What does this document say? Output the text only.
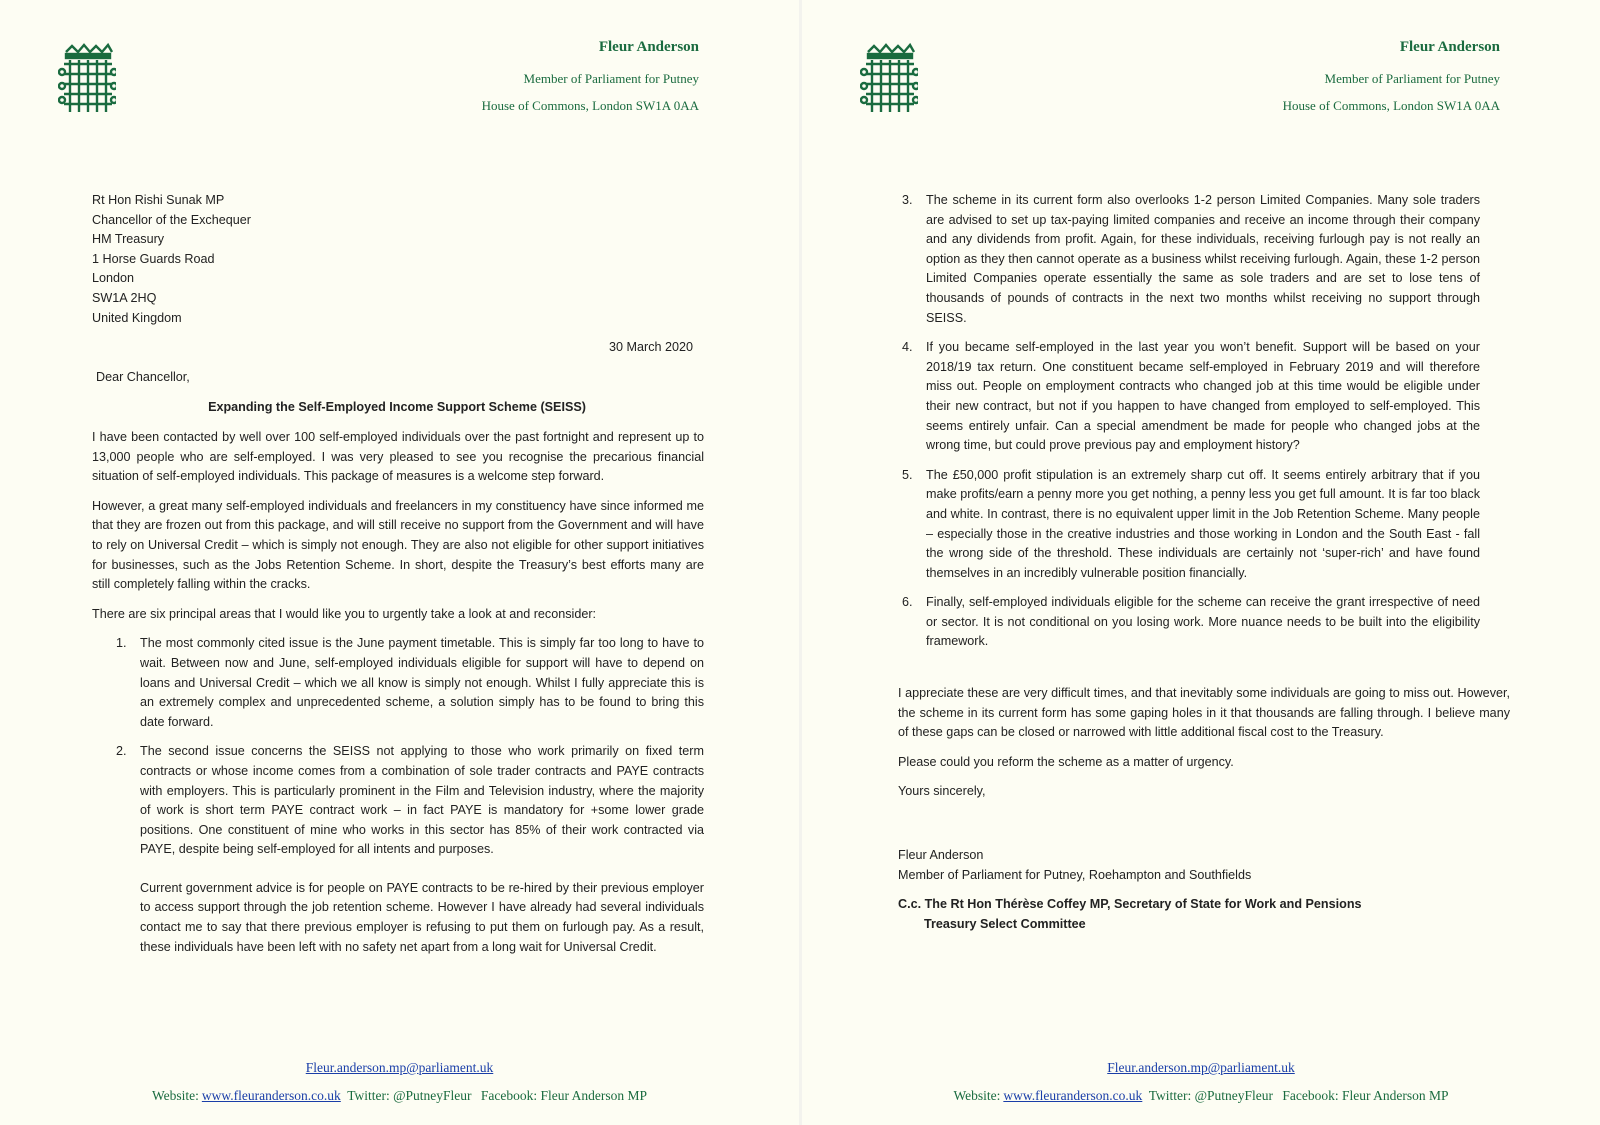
Fleur Anderson
Member of Parliament for Putney
House of Commons, London SW1A 0AA
Rt Hon Rishi Sunak MP
Chancellor of the Exchequer
HM Treasury
1 Horse Guards Road
London
SW1A 2HQ
United Kingdom
30 March 2020
Dear Chancellor,
Expanding the Self-Employed Income Support Scheme (SEISS)

I have been contacted by well over 100 self-employed individuals over the past fortnight and represent up to 13,000 people who are self-employed. I was very pleased to see you recognise the precarious financial situation of self-employed individuals. This package of measures is a welcome step forward.

However, a great many self-employed individuals and freelancers in my constituency have since informed me that they are frozen out from this package, and will still receive no support from the Government and will have to rely on Universal Credit – which is simply not enough. They are also not eligible for other support initiatives for businesses, such as the Jobs Retention Scheme. In short, despite the Treasury’s best efforts many are still completely falling within the cracks.

There are six principal areas that I would like you to urgently take a look at and reconsider:

1. The most commonly cited issue is the June payment timetable. This is simply far too long to have to wait. Between now and June, self-employed individuals eligible for support will have to depend on loans and Universal Credit – which we all know is simply not enough. Whilst I fully appreciate this is an extremely complex and unprecedented scheme, a solution simply has to be found to bring this date forward.
2. The second issue concerns the SEISS not applying to those who work primarily on fixed term contracts or whose income comes from a combination of sole trader contracts and PAYE contracts with employers. This is particularly prominent in the Film and Television industry, where the majority of work is short term PAYE contract work – in fact PAYE is mandatory for +some lower grade positions. One constituent of mine who works in this sector has 85% of their work contracted via PAYE, despite being self-employed for all intents and purposes.
Current government advice is for people on PAYE contracts to be re-hired by their previous employer to access support through the job retention scheme. However I have already had several individuals contact me to say that there previous employer is refusing to put them on furlough pay. As a result, these individuals have been left with no safety net apart from a long wait for Universal Credit.
Fleur.anderson.mp@parliament.uk
Website: www.fleuranderson.co.uk Twitter: @PutneyFleur Facebook: Fleur Anderson MP
Fleur Anderson
Member of Parliament for Putney
House of Commons, London SW1A 0AA
3. The scheme in its current form also overlooks 1-2 person Limited Companies. Many sole traders are advised to set up tax-paying limited companies and receive an income through their company and any dividends from profit. Again, for these individuals, receiving furlough pay is not really an option as they then cannot operate as a business whilst receiving furlough. Again, these 1-2 person Limited Companies operate essentially the same as sole traders and are set to lose tens of thousands of pounds of contracts in the next two months whilst receiving no support through SEISS.
4. If you became self-employed in the last year you won’t benefit. Support will be based on your 2018/19 tax return. One constituent became self-employed in February 2019 and will therefore miss out. People on employment contracts who changed job at this time would be eligible under their new contract, but not if you happen to have changed from employed to self-employed. This seems entirely unfair. Can a special amendment be made for people who changed jobs at the wrong time, but could prove previous pay and employment history?
5. The £50,000 profit stipulation is an extremely sharp cut off. It seems entirely arbitrary that if you make profits/earn a penny more you get nothing, a penny less you get full amount. It is far too black and white. In contrast, there is no equivalent upper limit in the Job Retention Scheme. Many people – especially those in the creative industries and those working in London and the South East - fall the wrong side of the threshold. These individuals are certainly not ‘super-rich’ and have found themselves in an incredibly vulnerable position financially.
6. Finally, self-employed individuals eligible for the scheme can receive the grant irrespective of need or sector. It is not conditional on you losing work. More nuance needs to be built into the eligibility framework.

I appreciate these are very difficult times, and that inevitably some individuals are going to miss out. However, the scheme in its current form has some gaping holes in it that thousands are falling through. I believe many of these gaps can be closed or narrowed with little additional fiscal cost to the Treasury.

Please could you reform the scheme as a matter of urgency.

Yours sincerely,

Fleur Anderson
Member of Parliament for Putney, Roehampton and Southfields
C.c. The Rt Hon Thérèse Coffey MP, Secretary of State for Work and Pensions
Treasury Select Committee
Fleur.anderson.mp@parliament.uk
Website: www.fleuranderson.co.uk Twitter: @PutneyFleur Facebook: Fleur Anderson MP
